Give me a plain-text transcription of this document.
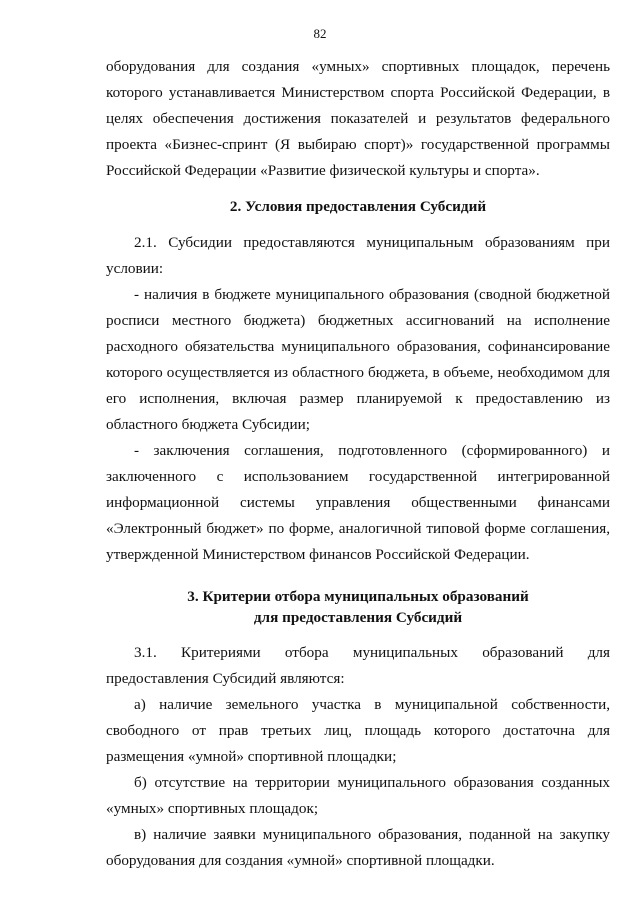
82

оборудования для создания «умных» спортивных площадок, перечень которого устанавливается Министерством спорта Российской Федерации, в целях обеспечения достижения показателей и результатов федерального проекта «Бизнес-спринт (Я выбираю спорт)» государственной программы Российской Федерации «Развитие физической культуры и спорта».

2. Условия предоставления Субсидий

2.1. Субсидии предоставляются муниципальным образованиям при условии:

- наличия в бюджете муниципального образования (сводной бюджетной росписи местного бюджета) бюджетных ассигнований на исполнение расходного обязательства муниципального образования, софинансирование которого осуществляется из областного бюджета, в объеме, необходимом для его исполнения, включая размер планируемой к предоставлению из областного бюджета Субсидии;

- заключения соглашения, подготовленного (сформированного) и заключенного с использованием государственной интегрированной информационной системы управления общественными финансами «Электронный бюджет» по форме, аналогичной типовой форме соглашения, утвержденной Министерством финансов Российской Федерации.

3. Критерии отбора муниципальных образований
для предоставления Субсидий

3.1. Критериями отбора муниципальных образований для предоставления Субсидий являются:

а) наличие земельного участка в муниципальной собственности, свободного от прав третьих лиц, площадь которого достаточна для размещения «умной» спортивной площадки;

б) отсутствие на территории муниципального образования созданных «умных» спортивных площадок;

в) наличие заявки муниципального образования, поданной на закупку оборудования для создания «умной» спортивной площадки.
